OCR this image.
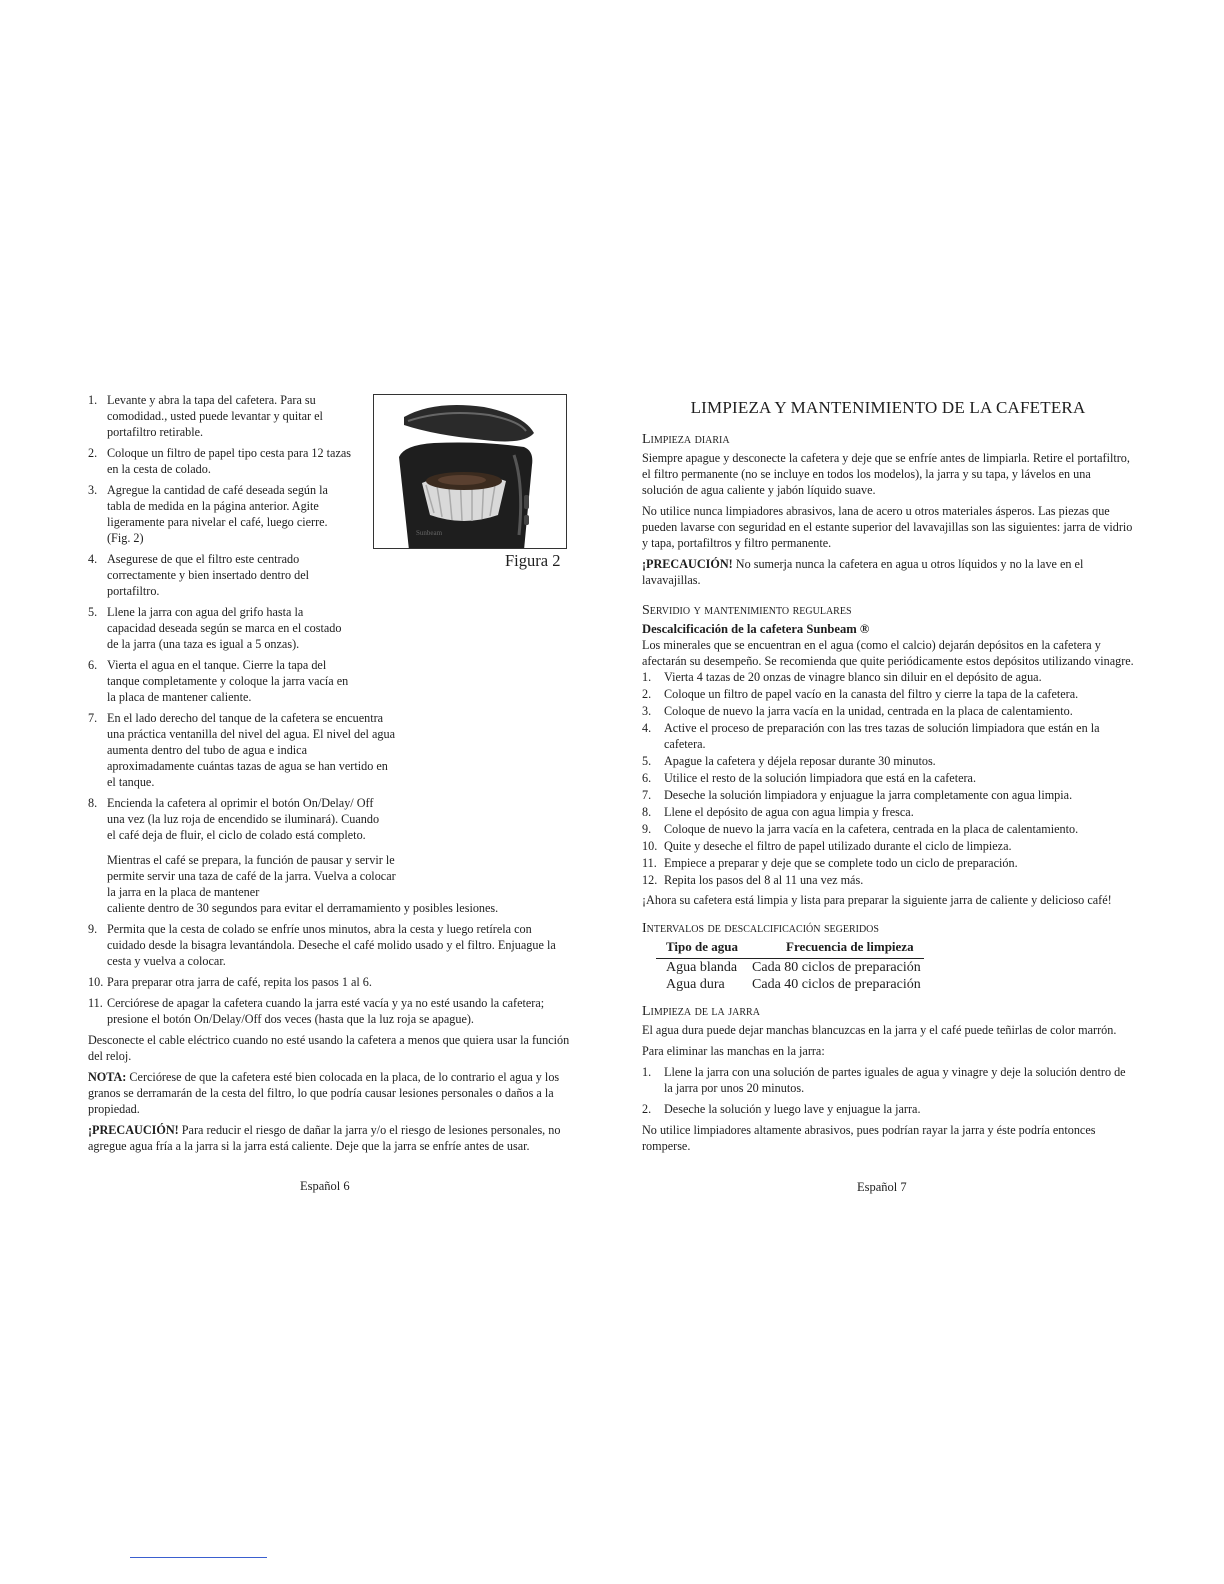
1. Levante y abra la tapa del cafetera. Para su comodidad., usted puede levantar y quitar el portafiltro retirable.
2. Coloque un filtro de papel tipo cesta para 12 tazas en la cesta de colado.
3. Agregue la cantidad de café deseada según la tabla de medida en la página anterior. Agite ligeramente para nivelar el café, luego cierre. (Fig. 2)
4. Asegurese de que el filtro este centrado correctamente y bien insertado dentro del portafiltro.
5. Llene la jarra con agua del grifo hasta la capacidad deseada según se marca en el costado de la jarra (una taza es igual a 5 onzas).
6. Vierta el agua en el tanque. Cierre la tapa del tanque completamente y coloque la jarra vacía en la placa de mantener caliente.
7. En el lado derecho del tanque de la cafetera se encuentra una práctica ventanilla del nivel del agua. El nivel del agua aumenta dentro del tubo de agua e indica aproximadamente cuántas tazas de agua se han vertido en el tanque.
8. Encienda la cafetera al oprimir el botón On/Delay/ Off una vez (la luz roja de encendido se iluminará). Cuando el café deja de fluir, el ciclo de colado está completo.
Mientras el café se prepara, la función de pausar y servir le permite servir una taza de café de la jarra. Vuelva a colocar la jarra en la placa de mantener
caliente dentro de 30 segundos para evitar el derramamiento y posibles lesiones.
9. Permita que la cesta de colado se enfríe unos minutos, abra la cesta y luego retírela con cuidado desde la bisagra levantándola. Deseche el café molido usado y el filtro. Enjuague la cesta y vuelva a colocar.
10. Para preparar otra jarra de café, repita los pasos 1 al 6.
11. Cerciórese de apagar la cafetera cuando la jarra esté vacía y ya no esté usando la cafetera; presione el botón On/Delay/Off dos veces (hasta que la luz roja se apague).

Desconecte el cable eléctrico cuando no esté usando la cafetera a menos que quiera usar la función del reloj.

NOTA: Cerciórese de que la cafetera esté bien colocada en la placa, de lo contrario el agua y los granos se derramarán de la cesta del filtro, lo que podría causar lesiones personales o daños a la propiedad.

¡PRECAUCIÓN! Para reducir el riesgo de dañar la jarra y/o el riesgo de lesiones personales, no agregue agua fría a la jarra si la jarra está caliente. Deje que la jarra se enfríe antes de usar.

Sunbeam
Figura 2
Español 6
LIMPIEZA Y MANTENIMIENTO DE LA CAFETERA
Limpieza diaria

Siempre apague y desconecte la cafetera y deje que se enfríe antes de limpiarla. Retire el portafiltro, el filtro permanente (no se incluye en todos los modelos), la jarra y su tapa, y lávelos en una solución de agua caliente y jabón líquido suave.

No utilice nunca limpiadores abrasivos, lana de acero u otros materiales ásperos. Las piezas que pueden lavarse con seguridad en el estante superior del lavavajillas son las siguientes: jarra de vidrio y tapa, portafiltros y filtro permanente.

¡PRECAUCIÓN! No sumerja nunca la cafetera en agua u otros líquidos y no la lave en el lavavajillas.

Servidio y mantenimiento regulares
Descalcificación de la cafetera Sunbeam ®

Los minerales que se encuentran en el agua (como el calcio) dejarán depósitos en la cafetera y afectarán su desempeño. Se recomienda que quite periódicamente estos depósitos utilizando vinagre.

1. Vierta 4 tazas de 20 onzas de vinagre blanco sin diluir en el depósito de agua.
2. Coloque un filtro de papel vacío en la canasta del filtro y cierre la tapa de la cafetera.
3. Coloque de nuevo la jarra vacía en la unidad, centrada en la placa de calentamiento.
4. Active el proceso de preparación con las tres tazas de solución limpiadora que están en la cafetera.
5. Apague la cafetera y déjela reposar durante 30 minutos.
6. Utilice el resto de la solución limpiadora que está en la cafetera.
7. Deseche la solución limpiadora y enjuague la jarra completamente con agua limpia.
8. Llene el depósito de agua con agua limpia y fresca.
9. Coloque de nuevo la jarra vacía en la cafetera, centrada en la placa de calentamiento.
10. Quite y deseche el filtro de papel utilizado durante el ciclo de limpieza.
11. Empiece a preparar y deje que se complete todo un ciclo de preparación.
12. Repita los pasos del 8 al 11 una vez más.

¡Ahora su cafetera está limpia y lista para preparar la siguiente jarra de caliente y delicioso café!

Intervalos de descalcificación segeridos
Tipo de agua	Frecuencia de limpieza
Agua blanda	Cada 80 ciclos de preparación
Agua dura	Cada 40 ciclos de preparación
Limpieza de la jarra

El agua dura puede dejar manchas blancuzcas en la jarra y el café puede teñirlas de color marrón.

Para eliminar las manchas en la jarra:

1. Llene la jarra con una solución de partes iguales de agua y vinagre y deje la solución dentro de la jarra por unos 20 minutos.
2. Deseche la solución y luego lave y enjuague la jarra.

No utilice limpiadores altamente abrasivos, pues podrían rayar la jarra y éste podría entonces romperse.

Español 7
